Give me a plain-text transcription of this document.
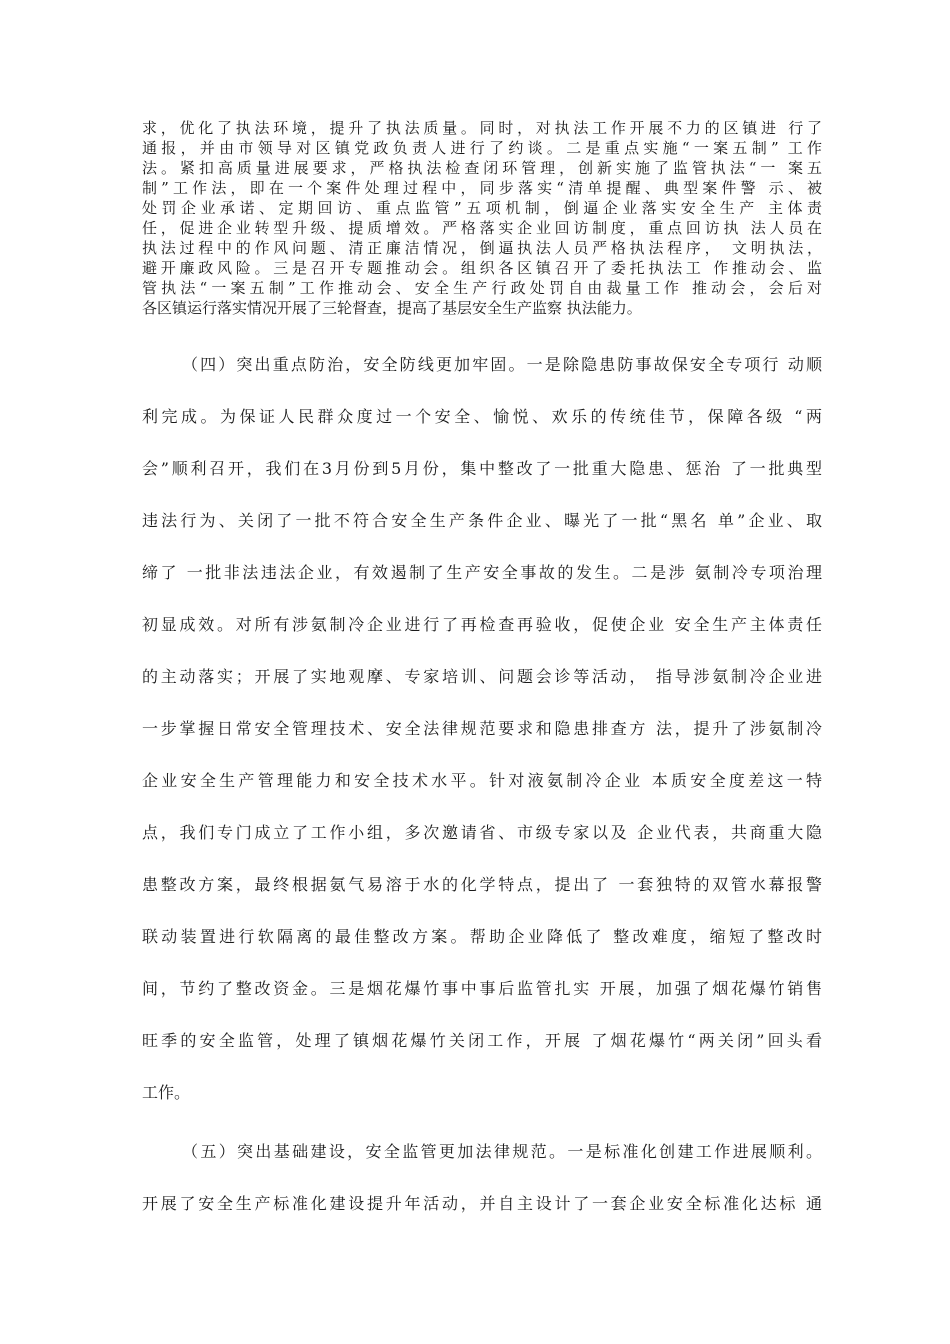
求，优化了执法环境，提升了执法质量。同时，对执法工作开展不力的区镇进 行了
通报，并由市领导对区镇党政负责人进行了约谈。二是重点实施“一案五制” 工作
法。紧扣高质量进展要求，严格执法检查闭环管理，创新实施了监管执法“一 案五
制”工作法，即在一个案件处理过程中，同步落实“清单提醒、典型案件警 示、被
处罚企业承诺、定期回访、重点监管”五项机制，倒逼企业落实安全生产 主体责
任，促进企业转型升级、提质增效。严格落实企业回访制度，重点回访执 法人员在
执法过程中的作风问题、清正廉洁情况，倒逼执法人员严格执法程序， 文明执法，
避开廉政风险。三是召开专题推动会。组织各区镇召开了委托执法工 作推动会、监
管执法“一案五制”工作推动会、安全生产行政处罚自由裁量工作 推动会，会后对
各区镇运行落实情况开展了三轮督查，提高了基层安全生产监察 执法能力。
（四）突出重点防治，安全防线更加牢固。一是除隐患防事故保安全专项行 动顺
利完成。为保证人民群众度过一个安全、愉悦、欢乐的传统佳节，保障各级 “两
会”顺利召开，我们在3月份到5月份，集中整改了一批重大隐患、惩治 了一批典型
违法行为、关闭了一批不符合安全生产条件企业、曝光了一批“黑名 单”企业、取
缔了 一批非法违法企业，有效遏制了生产安全事故的发生。二是涉 氨制冷专项治理
初显成效。对所有涉氨制冷企业进行了再检查再验收，促使企业 安全生产主体责任
的主动落实；开展了实地观摩、专家培训、问题会诊等活动， 指导涉氨制冷企业进
一步掌握日常安全管理技术、安全法律规范要求和隐患排查方 法，提升了涉氨制冷
企业安全生产管理能力和安全技术水平。针对液氨制冷企业 本质安全度差这一特
点，我们专门成立了工作小组，多次邀请省、市级专家以及 企业代表，共商重大隐
患整改方案，最终根据氨气易溶于水的化学特点，提出了 一套独特的双管水幕报警
联动装置进行软隔离的最佳整改方案。帮助企业降低了 整改难度，缩短了整改时
间，节约了整改资金。三是烟花爆竹事中事后监管扎实 开展，加强了烟花爆竹销售
旺季的安全监管，处理了镇烟花爆竹关闭工作，开展 了烟花爆竹“两关闭”回头看
工作。
（五）突出基础建设，安全监管更加法律规范。一是标准化创建工作进展顺利。
开展了安全生产标准化建设提升年活动，并自主设计了一套企业安全标准化达标 通
